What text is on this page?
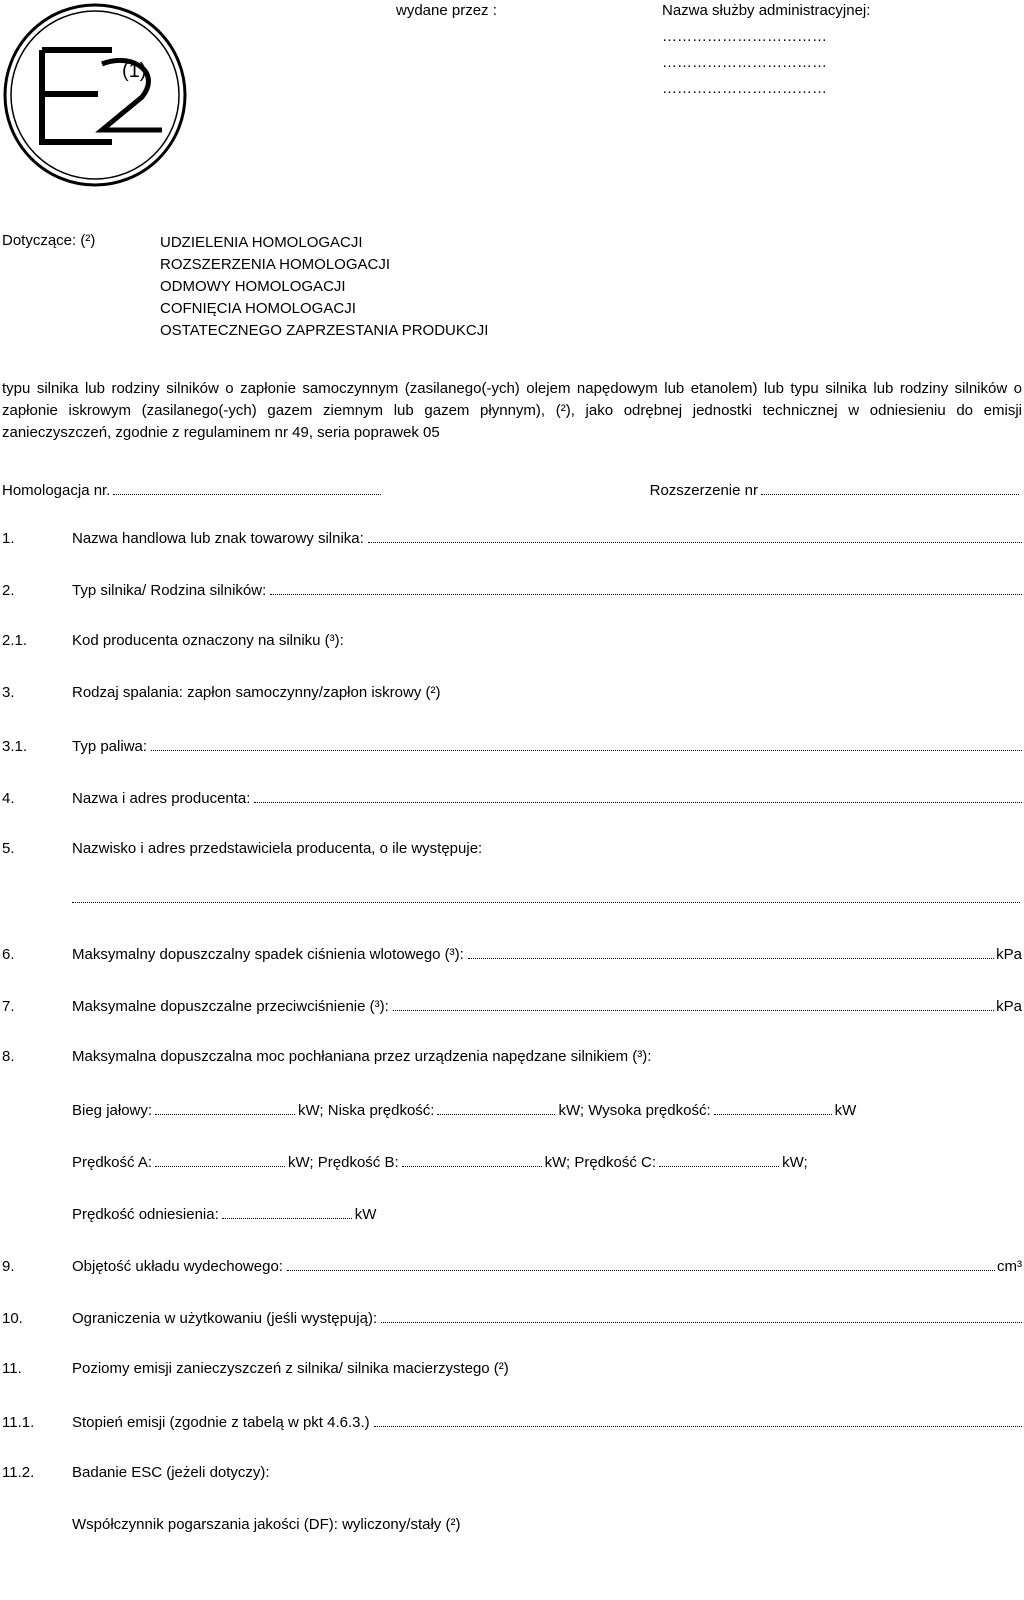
(1)
wydane przez :	Nazwa służby administracyjnej:
……………………………
……………………………
……………………………
Dotyczące: (²)	UDZIELENIA HOMOLOGACJI
ROZSZERZENIA HOMOLOGACJI
ODMOWY HOMOLOGACJI
COFNIĘCIA HOMOLOGACJI
OSTATECZNEGO ZAPRZESTANIA PRODUKCJI
typu silnika lub rodziny silników o zapłonie samoczynnym (zasilanego(-ych) olejem napędowym lub etanolem) lub typu silnika lub rodziny silników o zapłonie iskrowym (zasilanego(-ych) gazem ziemnym lub gazem płynnym), (²), jako odrębnej jednostki technicznej w odniesieniu do emisji zanieczyszczeń, zgodnie z regulaminem nr 49, seria poprawek 05
Homologacja nr.	Rozszerzenie nr
1.	Nazwa handlowa lub znak towarowy silnika:
2.	Typ silnika/ Rodzina silników:
2.1.	Kod producenta oznaczony na silniku (³):
3.	Rodzaj spalania: zapłon samoczynny/zapłon iskrowy (²)
3.1.	Typ paliwa:
4.	Nazwa i adres producenta:
5.	Nazwisko i adres przedstawiciela producenta, o ile występuje:
6.	Maksymalny dopuszczalny spadek ciśnienia wlotowego (³):	kPa
7.	Maksymalne dopuszczalne przeciwciśnienie (³):	kPa
8.	Maksymalna dopuszczalna moc pochłaniana przez urządzenia napędzane silnikiem (³):
Bieg jałowy:	kW; Niska prędkość:	kW; Wysoka prędkość:	kW
Prędkość A:	kW; Prędkość B:	kW; Prędkość C:	kW;
Prędkość odniesienia:	kW
9.	Objętość układu wydechowego:	cm³
10.	Ograniczenia w użytkowaniu (jeśli występują):
11.	Poziomy emisji zanieczyszczeń z silnika/ silnika macierzystego (²)
11.1.	Stopień emisji (zgodnie z tabelą w pkt 4.6.3.)
11.2.	Badanie ESC (jeżeli dotyczy):
Współczynnik pogarszania jakości (DF): wyliczony/stały (²)
